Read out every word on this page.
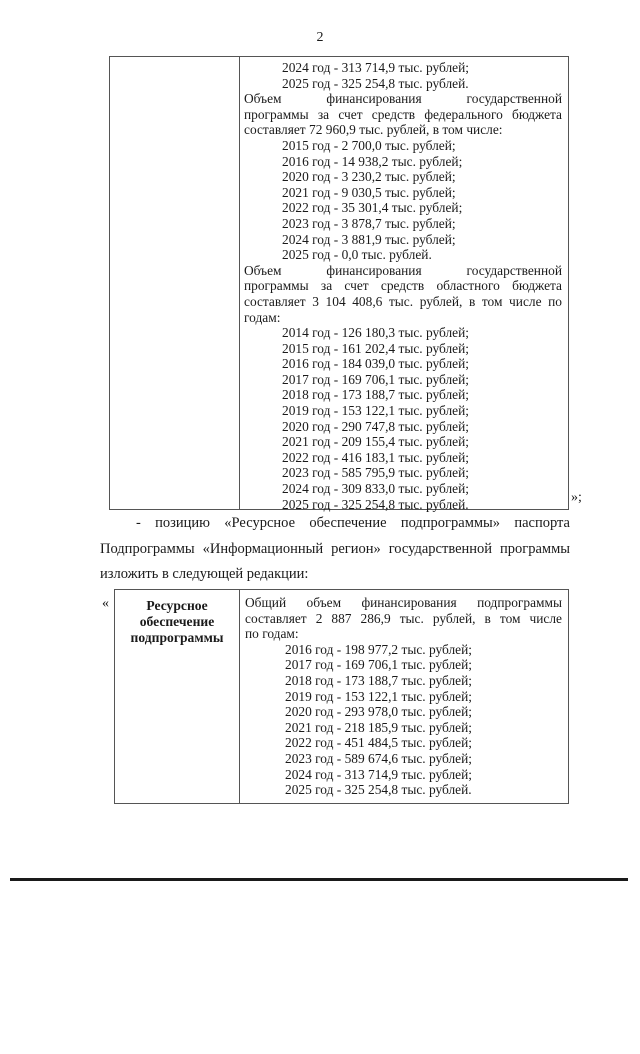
2
2024 год - 313 714,9 тыс. рублей;
2025 год - 325 254,8 тыс. рублей.
Объем финансирования государственной
программы за счет средств федерального бюджета
составляет 72 960,9 тыс. рублей, в том числе:
2015 год - 2 700,0 тыс. рублей;
2016 год - 14 938,2 тыс. рублей;
2020 год - 3 230,2 тыс. рублей;
2021 год - 9 030,5 тыс. рублей;
2022 год - 35 301,4 тыс. рублей;
2023 год - 3 878,7 тыс. рублей;
2024 год - 3 881,9 тыс. рублей;
2025 год - 0,0 тыс. рублей.
Объем финансирования государственной
программы за счет средств областного бюджета
составляет 3 104 408,6 тыс. рублей, в том числе по
годам:
2014 год - 126 180,3 тыс. рублей;
2015 год - 161 202,4 тыс. рублей;
2016 год - 184 039,0 тыс. рублей;
2017 год - 169 706,1 тыс. рублей;
2018 год - 173 188,7 тыс. рублей;
2019 год - 153 122,1 тыс. рублей;
2020 год - 290 747,8 тыс. рублей;
2021 год - 209 155,4 тыс. рублей;
2022 год - 416 183,1 тыс. рублей;
2023 год - 585 795,9 тыс. рублей;
2024 год - 309 833,0 тыс. рублей;
2025 год - 325 254,8 тыс. рублей.	»;
- позицию «Ресурсное обеспечение подпрограммы» паспорта
Подпрограммы «Информационный регион» государственной программы
изложить в следующей редакции:
«	Ресурсное
обеспечение
подпрограммы
Общий объем финансирования подпрограммы
составляет 2 887 286,9 тыс. рублей, в том числе
по годам:
2016 год - 198 977,2 тыс. рублей;
2017 год - 169 706,1 тыс. рублей;
2018 год - 173 188,7 тыс. рублей;
2019 год - 153 122,1 тыс. рублей;
2020 год - 293 978,0 тыс. рублей;
2021 год - 218 185,9 тыс. рублей;
2022 год - 451 484,5 тыс. рублей;
2023 год - 589 674,6 тыс. рублей;
2024 год - 313 714,9 тыс. рублей;
2025 год - 325 254,8 тыс. рублей.
